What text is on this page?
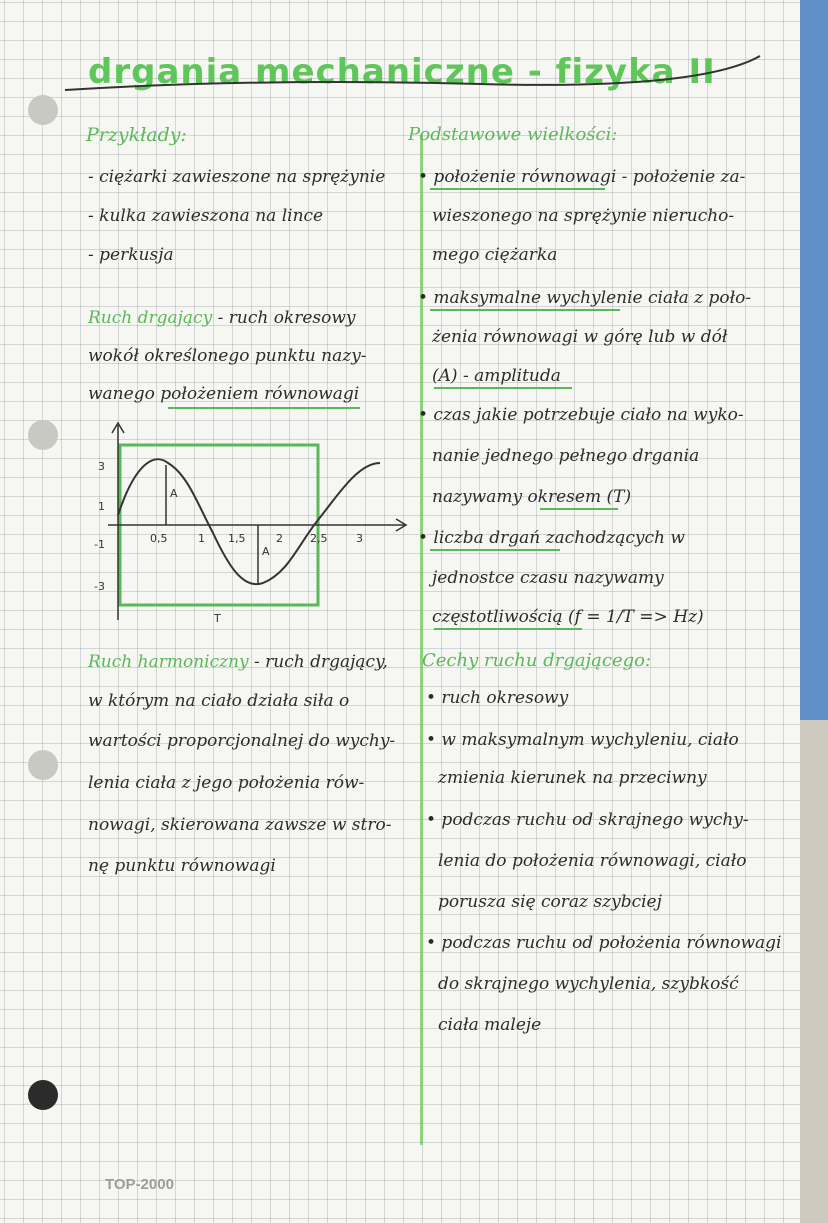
drgania mechaniczne - fizyka II
Przykłady:
- ciężarki zawieszone na sprężynie
- kulka zawieszona na lince
- perkusja
Ruch drgający - ruch okresowy
wokół określonego punktu nazy-
wanego położeniem równowagi
A
A
3
1
-1
-3
0,5	1 1,5	2 2,5	3
T
Ruch harmoniczny - ruch drgający,
w którym na ciało działa siła o
wartości proporcjonalnej do wychy-
lenia ciała z jego położenia rów-
nowagi, skierowana zawsze w stro-
nę punktu równowagi
Podstawowe wielkości:
• położenie równowagi - położenie za-
wieszonego na sprężynie nierucho-
mego ciężarka
• maksymalne wychylenie ciała z poło-
żenia równowagi w górę lub w dół
(A) - amplituda
• czas jakie potrzebuje ciało na wyko-
nanie jednego pełnego drgania
nazywamy okresem (T)
• liczba drgań zachodzących w
jednostce czasu nazywamy
częstotliwością (f = 1/T => Hz)
Cechy ruchu drgającego:
• ruch okresowy
• w maksymalnym wychyleniu, ciało
zmienia kierunek na przeciwny
• podczas ruchu od skrajnego wychy-
lenia do położenia równowagi, ciało
porusza się coraz szybciej
• podczas ruchu od położenia równowagi
do skrajnego wychylenia, szybkość
ciała maleje
TOP-2000
